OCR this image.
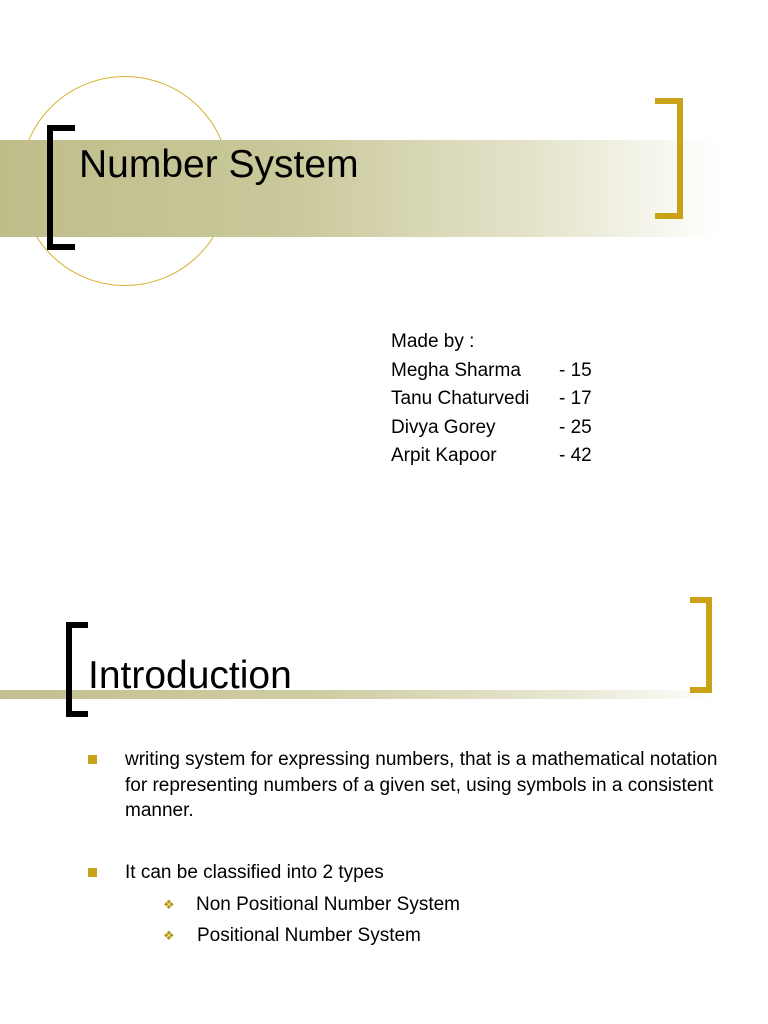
Number System
Made by :
Megha Sharma	- 15
Tanu Chaturvedi	- 17
Divya Gorey	- 25
Arpit Kapoor	- 42
Introduction
writing system for expressing numbers, that is a mathematical notation for representing numbers of a given set, using symbols in a consistent manner.
It can be classified into 2 types
❖ Non Positional Number System
❖ Positional Number System
